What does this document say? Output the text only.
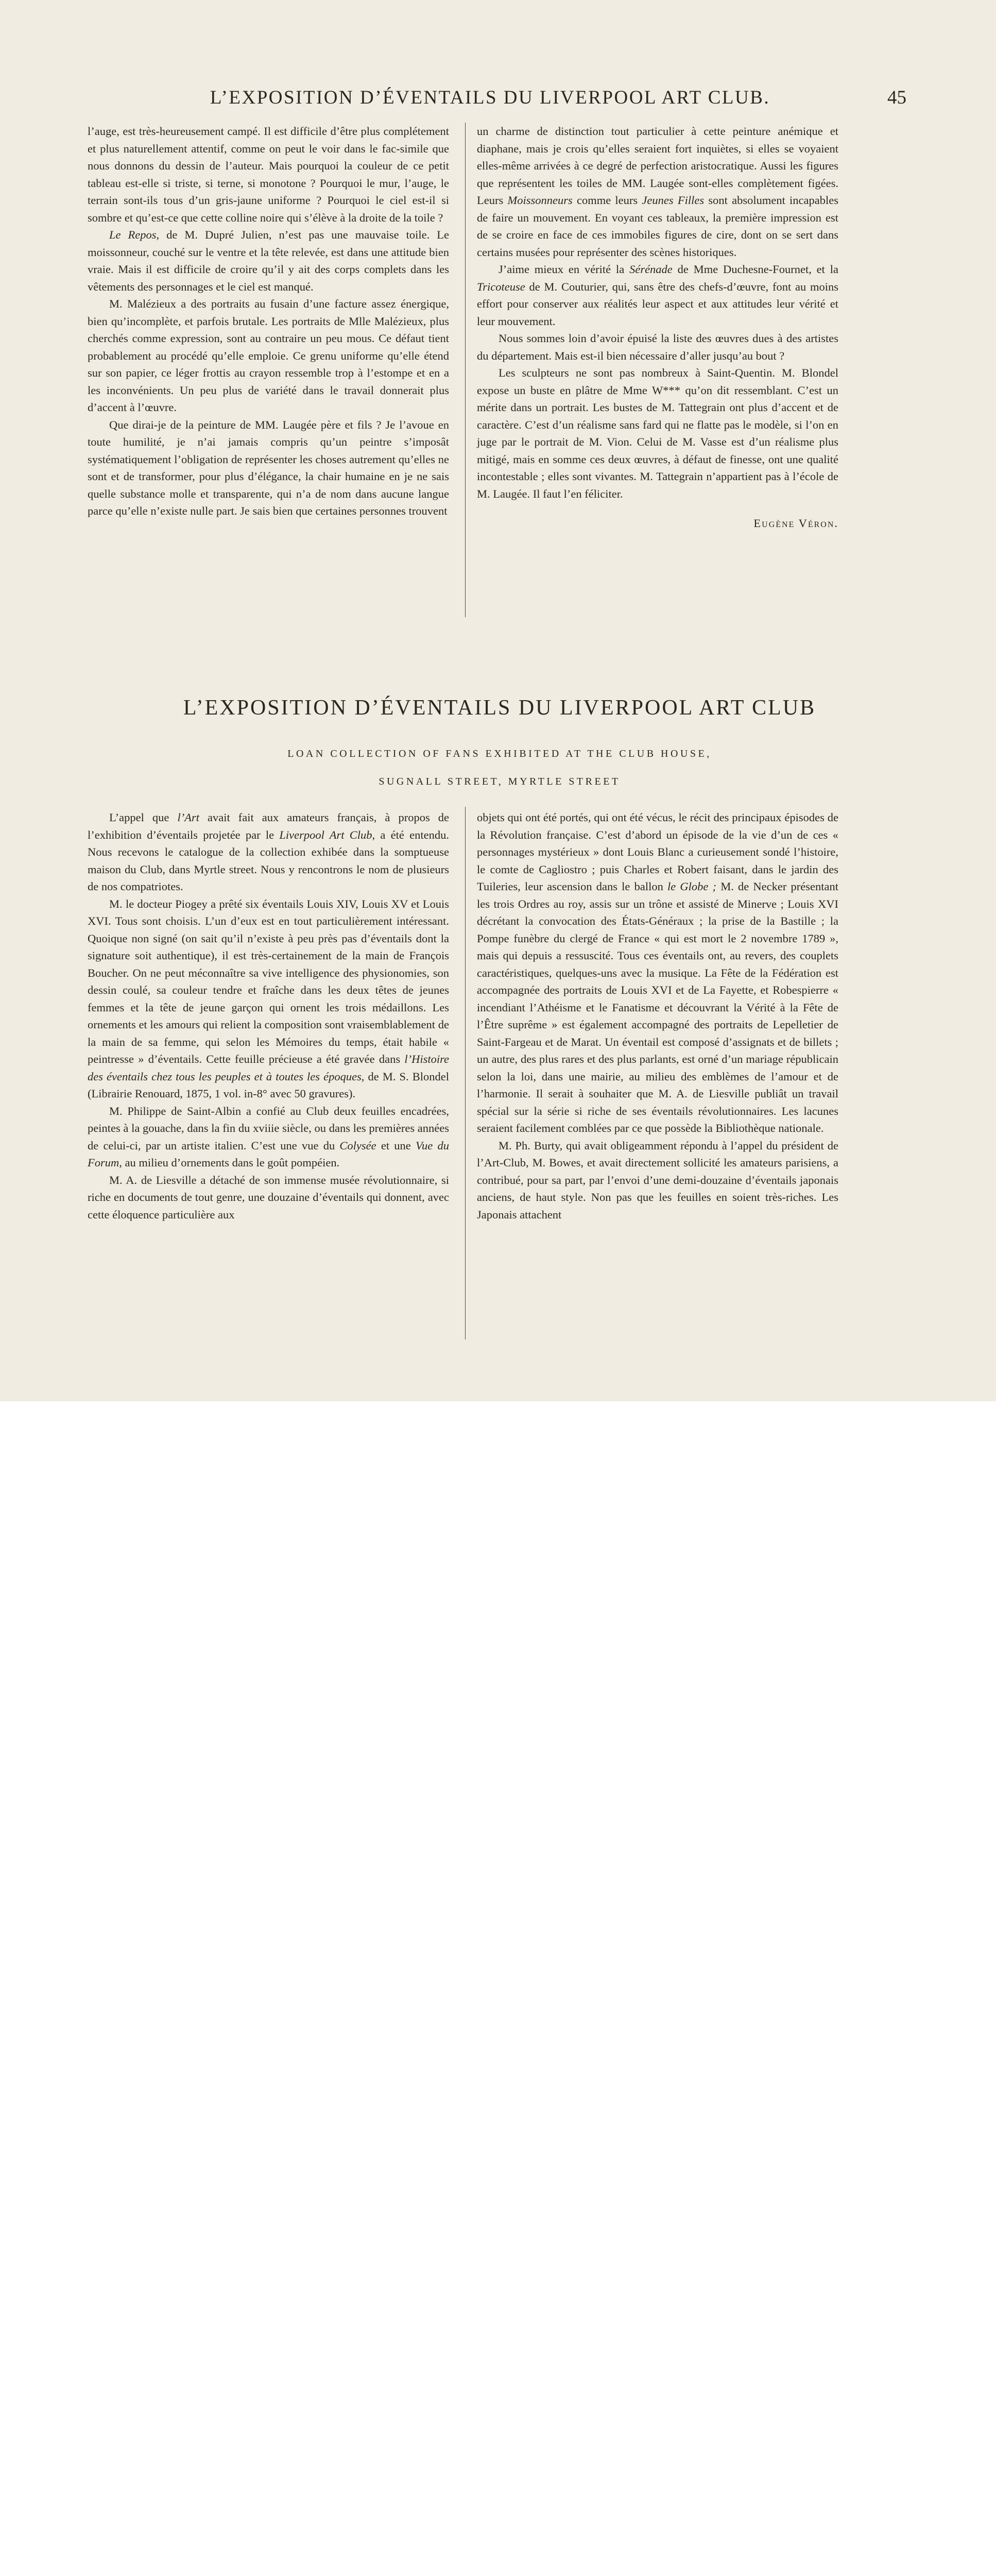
L’EXPOSITION D’ÉVENTAILS DU LIVERPOOL ART CLUB.	45

l’auge, est très-heureusement campé. Il est difficile d’être plus complétement et plus naturellement attentif, comme on peut le voir dans le fac-simile que nous donnons du dessin de l’auteur. Mais pourquoi la couleur de ce petit tableau est-elle si triste, si terne, si monotone ? Pourquoi le mur, l’auge, le terrain sont-ils tous d’un gris-jaune uniforme ? Pourquoi le ciel est-il si sombre et qu’est-ce que cette colline noire qui s’élève à la droite de la toile ?

Le Repos, de M. Dupré Julien, n’est pas une mauvaise toile. Le moissonneur, couché sur le ventre et la tête relevée, est dans une attitude bien vraie. Mais il est difficile de croire qu’il y ait des corps complets dans les vêtements des personnages et le ciel est manqué.

M. Malézieux a des portraits au fusain d’une facture assez énergique, bien qu’incomplète, et parfois brutale. Les portraits de Mlle Malézieux, plus cherchés comme expression, sont au contraire un peu mous. Ce défaut tient probablement au procédé qu’elle emploie. Ce grenu uniforme qu’elle étend sur son papier, ce léger frottis au crayon ressemble trop à l’estompe et en a les inconvénients. Un peu plus de variété dans le travail donnerait plus d’accent à l’œuvre.

Que dirai-je de la peinture de MM. Laugée père et fils ? Je l’avoue en toute humilité, je n’ai jamais compris qu’un peintre s’imposât systématiquement l’obligation de représenter les choses autrement qu’elles ne sont et de transformer, pour plus d’élégance, la chair humaine en je ne sais quelle substance molle et transparente, qui n’a de nom dans aucune langue parce qu’elle n’existe nulle part. Je sais bien que certaines personnes trouvent

un charme de distinction tout particulier à cette peinture anémique et diaphane, mais je crois qu’elles seraient fort inquiètes, si elles se voyaient elles-même arrivées à ce degré de perfection aristocratique. Aussi les figures que représentent les toiles de MM. Laugée sont-elles complètement figées. Leurs Moissonneurs comme leurs Jeunes Filles sont absolument incapables de faire un mouvement. En voyant ces tableaux, la première impression est de se croire en face de ces immobiles figures de cire, dont on se sert dans certains musées pour représenter des scènes historiques.

J’aime mieux en vérité la Sérénade de Mme Duchesne-Fournet, et la Tricoteuse de M. Couturier, qui, sans être des chefs-d’œuvre, font au moins effort pour conserver aux réalités leur aspect et aux attitudes leur vérité et leur mouvement.

Nous sommes loin d’avoir épuisé la liste des œuvres dues à des artistes du département. Mais est-il bien nécessaire d’aller jusqu’au bout ?

Les sculpteurs ne sont pas nombreux à Saint-Quentin. M. Blondel expose un buste en plâtre de Mme W*** qu’on dit ressemblant. C’est un mérite dans un portrait. Les bustes de M. Tattegrain ont plus d’accent et de caractère. C’est d’un réalisme sans fard qui ne flatte pas le modèle, si l’on en juge par le portrait de M. Vion. Celui de M. Vasse est d’un réalisme plus mitigé, mais en somme ces deux œuvres, à défaut de finesse, ont une qualité incontestable ; elles sont vivantes. M. Tattegrain n’appartient pas à l’école de M. Laugée. Il faut l’en féliciter.

Eugène Véron.

L’EXPOSITION D’ÉVENTAILS DU LIVERPOOL ART CLUB
LOAN COLLECTION OF FANS EXHIBITED AT THE CLUB HOUSE,
SUGNALL STREET, MYRTLE STREET

L’appel que l’Art avait fait aux amateurs français, à propos de l’exhibition d’éventails projetée par le Liverpool Art Club, a été entendu. Nous recevons le catalogue de la collection exhibée dans la somptueuse maison du Club, dans Myrtle street. Nous y rencontrons le nom de plusieurs de nos compatriotes.

M. le docteur Piogey a prêté six éventails Louis XIV, Louis XV et Louis XVI. Tous sont choisis. L’un d’eux est en tout particulièrement intéressant. Quoique non signé (on sait qu’il n’existe à peu près pas d’éventails dont la signature soit authentique), il est très-certainement de la main de François Boucher. On ne peut méconnaître sa vive intelligence des physionomies, son dessin coulé, sa couleur tendre et fraîche dans les deux têtes de jeunes femmes et la tête de jeune garçon qui ornent les trois médaillons. Les ornements et les amours qui relient la composition sont vraisemblablement de la main de sa femme, qui selon les Mémoires du temps, était habile « peintresse » d’éventails. Cette feuille précieuse a été gravée dans l’Histoire des éventails chez tous les peuples et à toutes les époques, de M. S. Blondel (Librairie Renouard, 1875, 1 vol. in-8° avec 50 gravures).

M. Philippe de Saint-Albin a confié au Club deux feuilles encadrées, peintes à la gouache, dans la fin du xviiie siècle, ou dans les premières années de celui-ci, par un artiste italien. C’est une vue du Colysée et une Vue du Forum, au milieu d’ornements dans le goût pompéien.

M. A. de Liesville a détaché de son immense musée révolutionnaire, si riche en documents de tout genre, une douzaine d’éventails qui donnent, avec cette éloquence particulière aux

objets qui ont été portés, qui ont été vécus, le récit des principaux épisodes de la Révolution française. C’est d’abord un épisode de la vie d’un de ces « personnages mystérieux » dont Louis Blanc a curieusement sondé l’histoire, le comte de Cagliostro ; puis Charles et Robert faisant, dans le jardin des Tuileries, leur ascension dans le ballon le Globe ; M. de Necker présentant les trois Ordres au roy, assis sur un trône et assisté de Minerve ; Louis XVI décrétant la convocation des États-Généraux ; la prise de la Bastille ; la Pompe funèbre du clergé de France « qui est mort le 2 novembre 1789 », mais qui depuis a ressuscité. Tous ces éventails ont, au revers, des couplets caractéristiques, quelques-uns avec la musique. La Fête de la Fédération est accompagnée des portraits de Louis XVI et de La Fayette, et Robespierre « incendiant l’Athéisme et le Fanatisme et découvrant la Vérité à la Fête de l’Être suprême » est également accompagné des portraits de Lepelletier de Saint-Fargeau et de Marat. Un éventail est composé d’assignats et de billets ; un autre, des plus rares et des plus parlants, est orné d’un mariage républicain selon la loi, dans une mairie, au milieu des emblèmes de l’amour et de l’harmonie. Il serait à souhaiter que M. A. de Liesville publiât un travail spécial sur la série si riche de ses éventails révolutionnaires. Les lacunes seraient facilement comblées par ce que possède la Bibliothèque nationale.

M. Ph. Burty, qui avait obligeamment répondu à l’appel du président de l’Art-Club, M. Bowes, et avait directement sollicité les amateurs parisiens, a contribué, pour sa part, par l’envoi d’une demi-douzaine d’éventails japonais anciens, de haut style. Non pas que les feuilles en soient très-riches. Les Japonais attachent
